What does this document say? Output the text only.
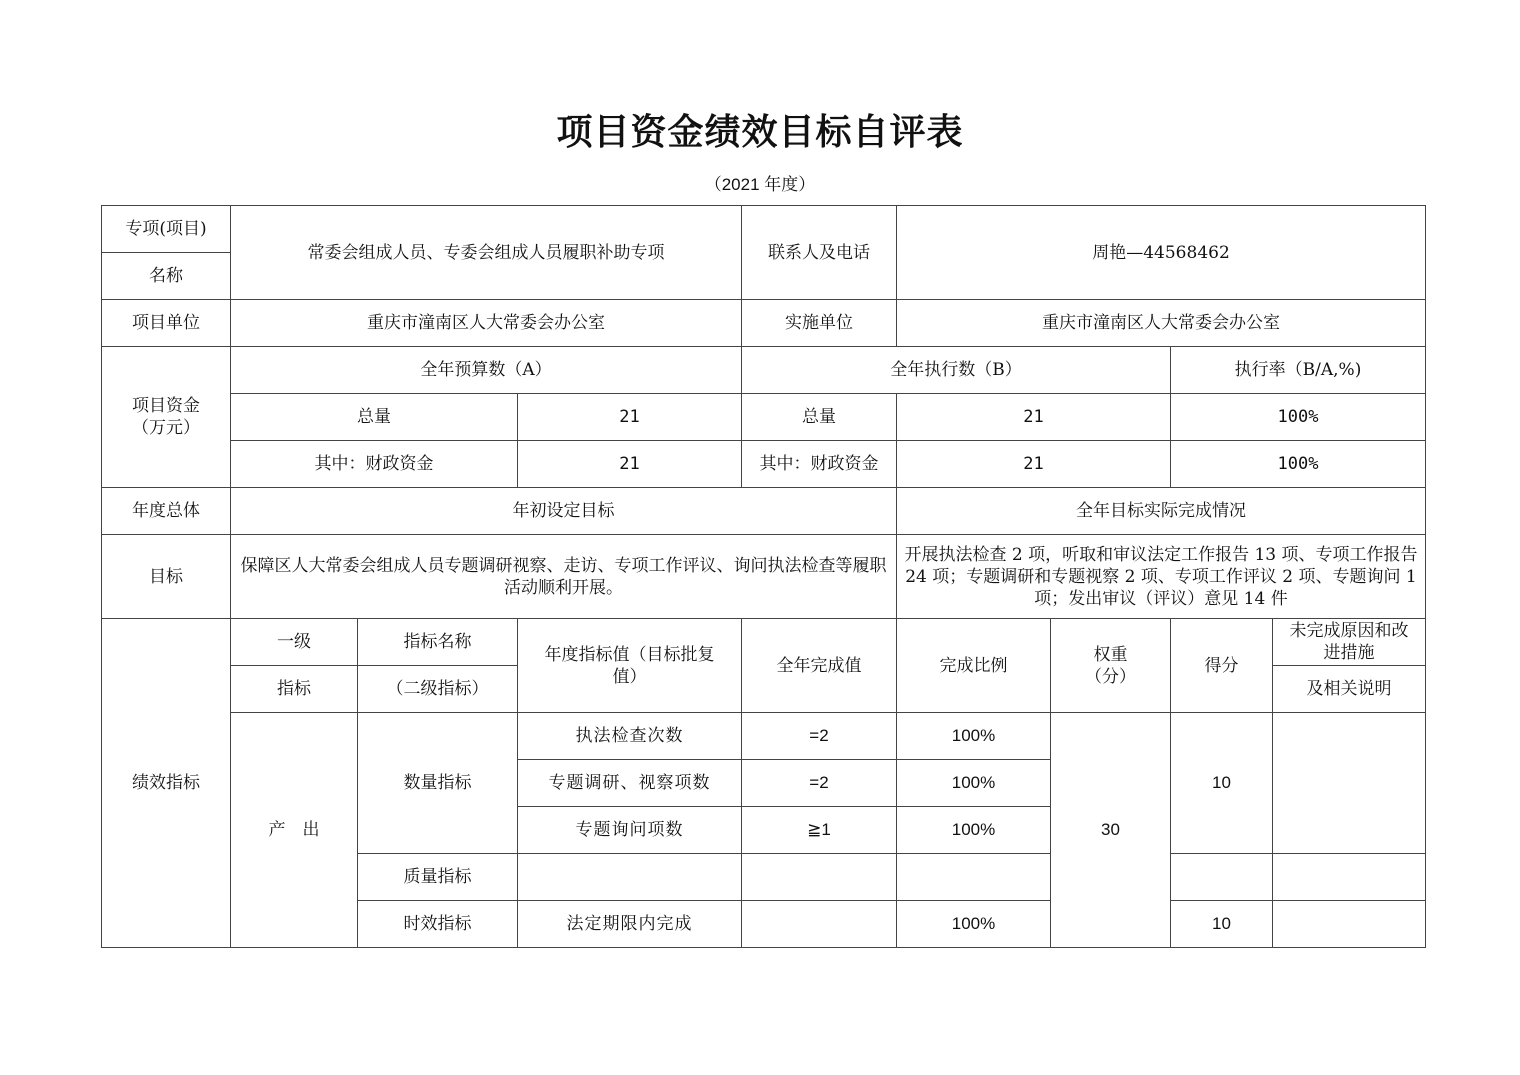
项目资金绩效目标自评表
（2021 年度）
专项(项目)	常委会组成人员、专委会组成人员履职补助专项			联系人及电话	周艳—44568462			
名称								
项目单位	重庆市潼南区人大常委会办公室			实施单位	重庆市潼南区人大常委会办公室			
项目资金（万元）	全年预算数（A）			全年执行数（B）			执行率（B/A,%)	
	总量		21	总量	21		100%	
	其中：财政资金		21	其中：财政资金	21		100%	
年度总体	年初设定目标				全年目标实际完成情况			
目标	保障区人大常委会组成人员专题调研视察、走访、专项工作评议、询问执法检查等履职活动顺利开展。				开展执法检查 2 项，听取和审议法定工作报告 13 项、专项工作报告 24 项；专题调研和专题视察 2 项、专项工作评议 2 项、专题询问 1 项；发出审议（评议）意见 14 件			
绩效指标	一级	指标名称	年度指标值（目标批复值）	全年完成值	完成比例	权重（分）	得分	未完成原因和改进措施
	指标	（二级指标）						及相关说明
	产　出	数量指标	执法检查次数	=2	100%	30	10	
			专题调研、视察项数	=2	100%			
			专题询问项数	≧1	100%			
		质量指标						
		时效指标	法定期限内完成		100%		10	
